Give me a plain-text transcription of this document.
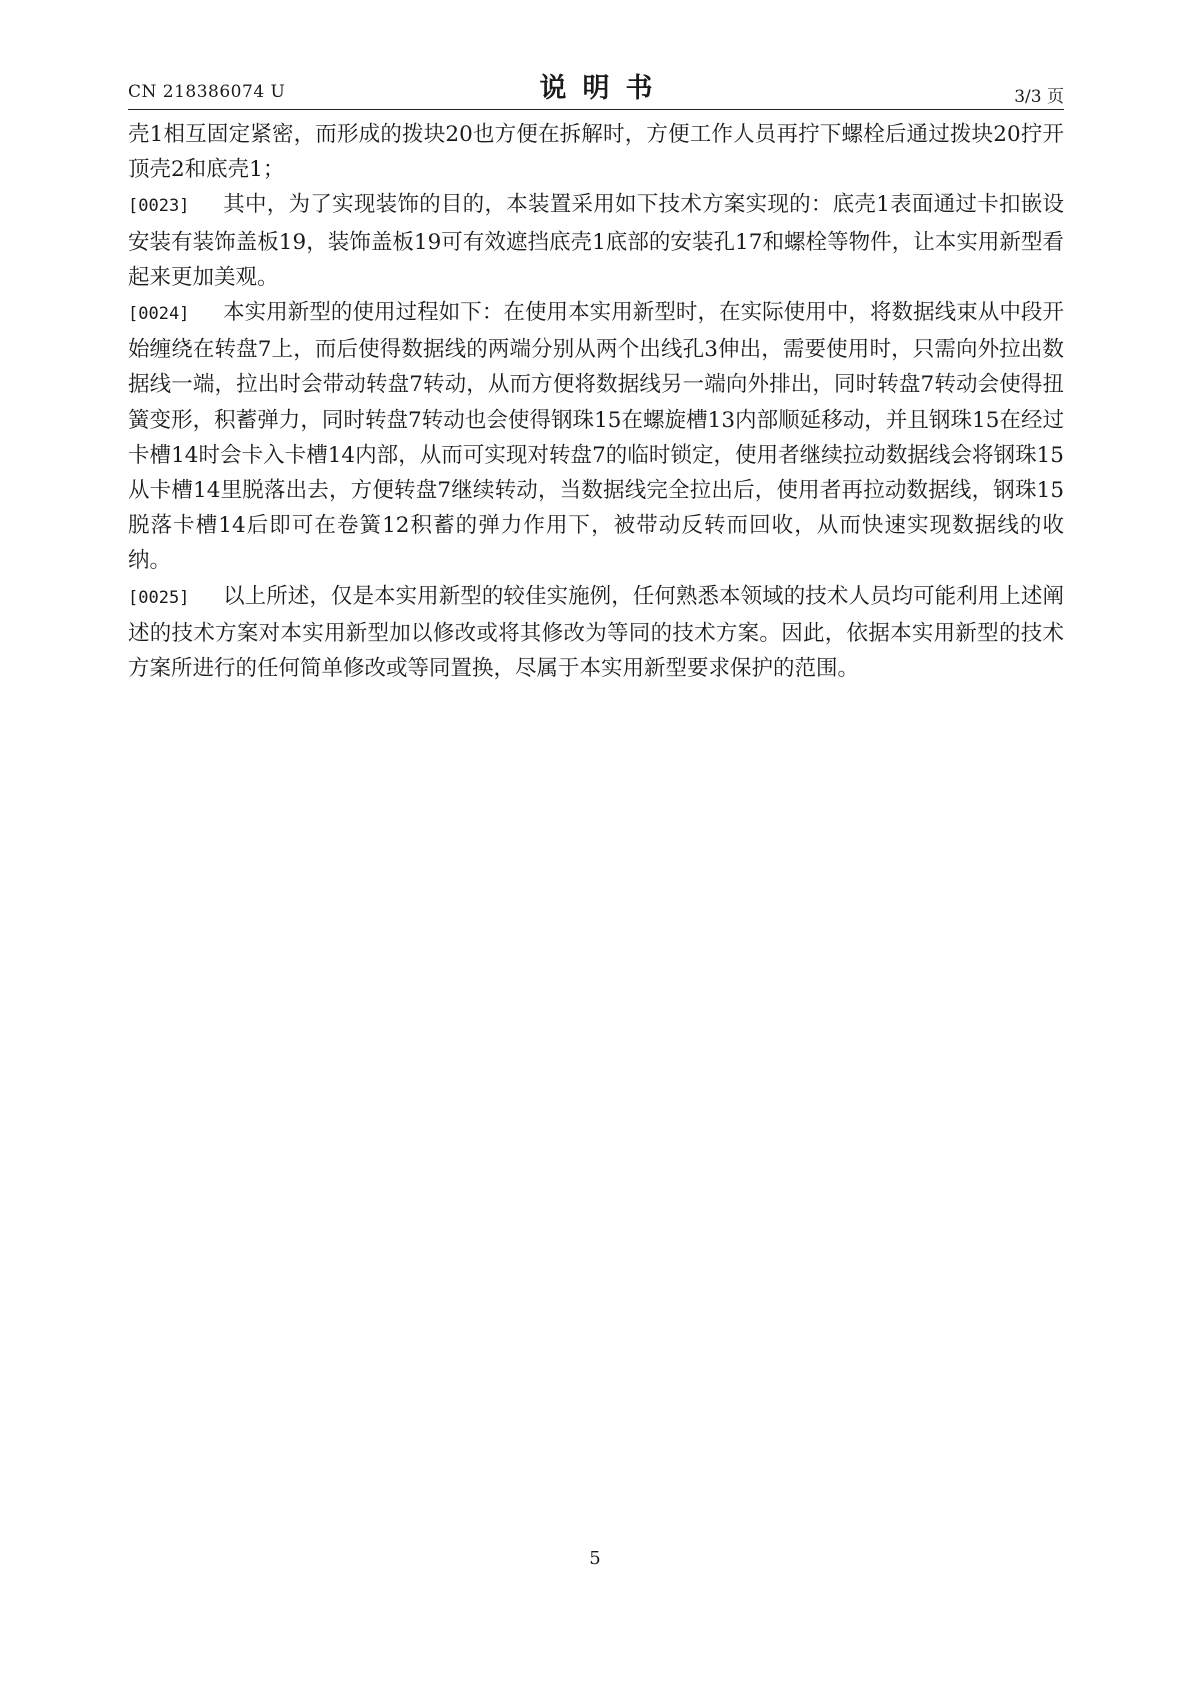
CN 218386074 U	说明书	3/3 页

壳1相互固定紧密，而形成的拨块20也方便在拆解时，方便工作人员再拧下螺栓后通过拨块20拧开顶壳2和底壳1；

[0023] 其中，为了实现装饰的目的，本装置采用如下技术方案实现的：底壳1表面通过卡扣嵌设安装有装饰盖板19，装饰盖板19可有效遮挡底壳1底部的安装孔17和螺栓等物件，让本实用新型看起来更加美观。

[0024] 本实用新型的使用过程如下：在使用本实用新型时，在实际使用中，将数据线束从中段开始缠绕在转盘7上，而后使得数据线的两端分别从两个出线孔3伸出，需要使用时，只需向外拉出数据线一端，拉出时会带动转盘7转动，从而方便将数据线另一端向外排出，同时转盘7转动会使得扭簧变形，积蓄弹力，同时转盘7转动也会使得钢珠15在螺旋槽13内部顺延移动，并且钢珠15在经过卡槽14时会卡入卡槽14内部，从而可实现对转盘7的临时锁定，使用者继续拉动数据线会将钢珠15从卡槽14里脱落出去，方便转盘7继续转动，当数据线完全拉出后，使用者再拉动数据线，钢珠15脱落卡槽14后即可在卷簧12积蓄的弹力作用下，被带动反转而回收，从而快速实现数据线的收纳。

[0025] 以上所述，仅是本实用新型的较佳实施例，任何熟悉本领域的技术人员均可能利用上述阐述的技术方案对本实用新型加以修改或将其修改为等同的技术方案。因此，依据本实用新型的技术方案所进行的任何简单修改或等同置换，尽属于本实用新型要求保护的范围。

5
